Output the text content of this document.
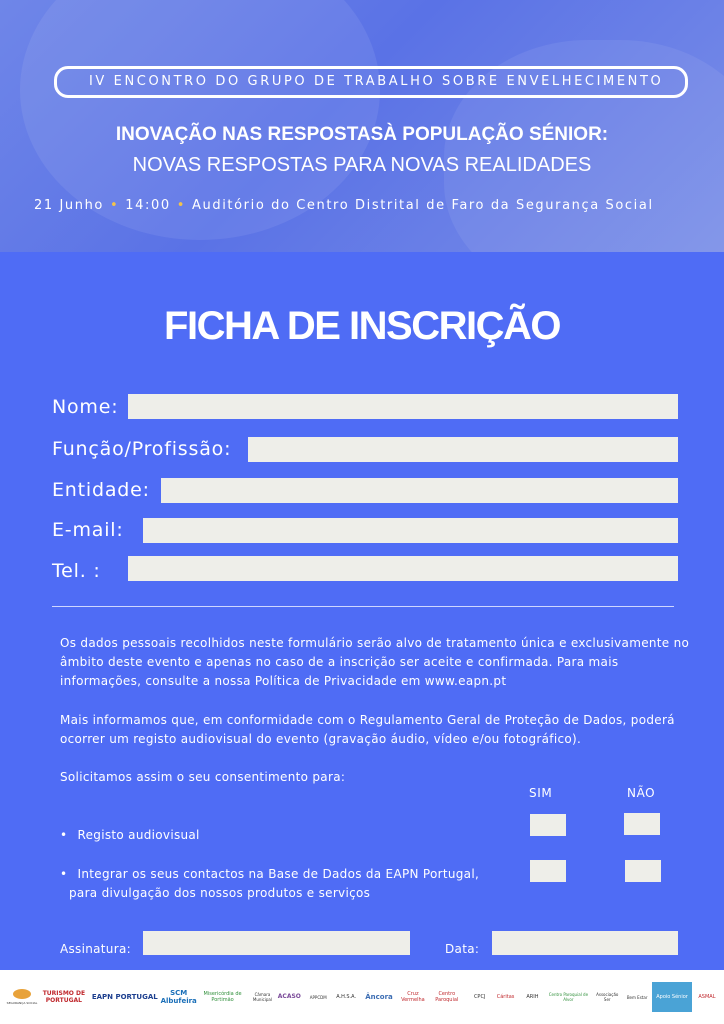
IV ENCONTRO DO GRUPO DE TRABALHO SOBRE ENVELHECIMENTO
INOVAÇÃO NAS RESPOSTASÀ POPULAÇÃO SÉNIOR:
NOVAS RESPOSTAS PARA NOVAS REALIDADES
21 Junho • 14:00 • Auditório do Centro Distrital de Faro da Segurança Social
FICHA DE INSCRIÇÃO
Nome:
Função/Profissão:
Entidade:
E-mail:
Tel. :
Os dados pessoais recolhidos neste formulário serão alvo de tratamento única e exclusivamente no âmbito deste evento e apenas no caso de a inscrição ser aceite e confirmada. Para mais informações, consulte a nossa Política de Privacidade em www.eapn.pt
Mais informamos que, em conformidade com o Regulamento Geral de Proteção de Dados, poderá ocorrer um registo audiovisual do evento (gravação áudio, vídeo e/ou fotográfico).
Solicitamos assim o seu consentimento para:
SIM	NÃO
• Registo audiovisual
• Integrar os seus contactos na Base de Dados da EAPN Portugal,
para divulgação dos nossos produtos e serviços
Assinatura:	Data:
SEGURANÇA SOCIAL
TURISMO DE PORTUGAL	EAPN PORTUGAL	SCM Albufeira
Misericórdia de Portimão
Câmara Municipal ACASO APPCDM A.H.S.A. Âncora	Cruz Vermelha
Centro Paroquial	CPCJ Cáritas ARIH	Centro Paroquial de Alvor
Associação Ser	Bem Estar Apoio Sénior ASMAL
